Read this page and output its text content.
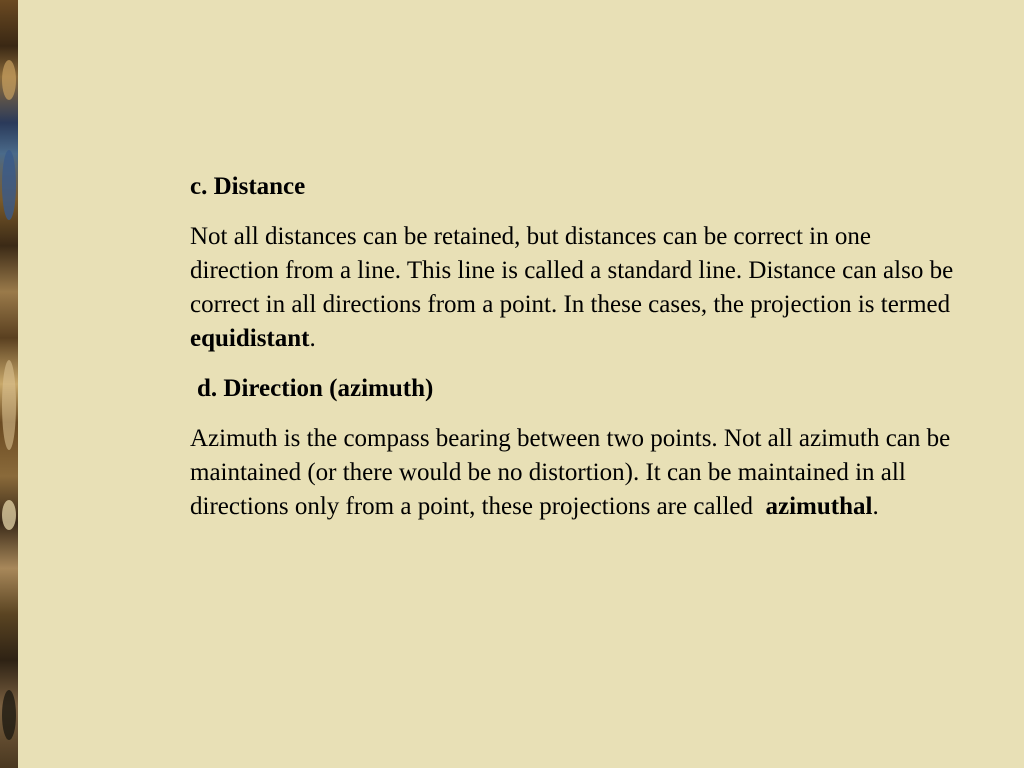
c. Distance
Not all distances can be retained, but distances can be correct in one direction from a line. This line is called a standard line. Distance can also be correct in all directions from a point. In these cases, the projection is termed equidistant.
d. Direction (azimuth)
Azimuth is the compass bearing between two points. Not all azimuth can be maintained (or there would be no distortion). It can be maintained in all directions only from a point, these projections are called  azimuthal.
